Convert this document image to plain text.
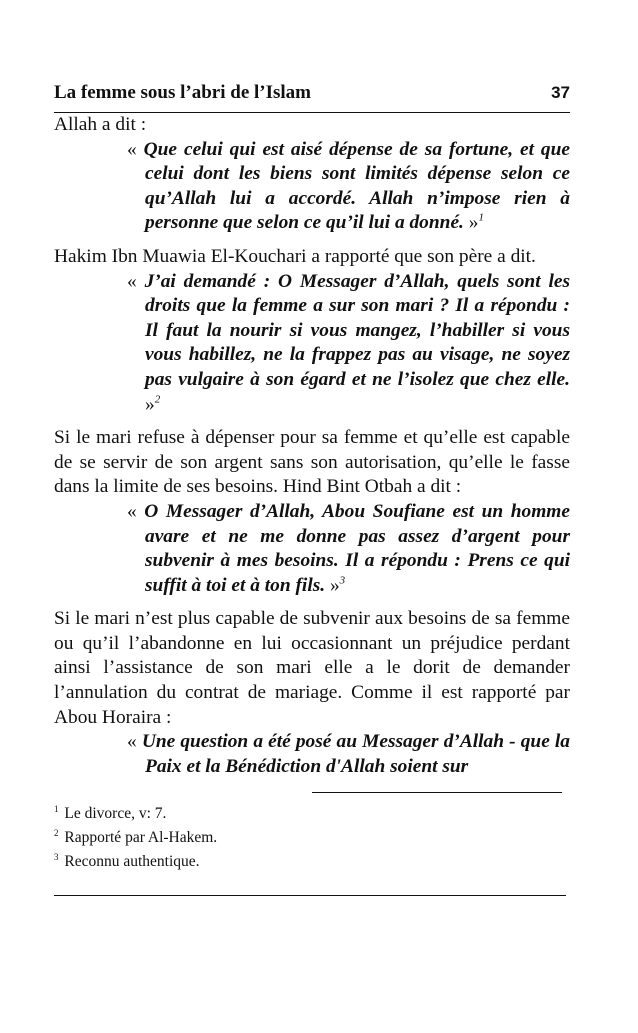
La femme sous l’abri de l’Islam	37

Allah a dit :

« Que celui qui est aisé dépense de sa fortune, et que celui dont les biens sont limités dépense selon ce qu’Allah lui a accordé. Allah n’impose rien à personne que selon ce qu’il lui a donné. »$^1$

Hakim Ibn Muawia El-Kouchari a rapporté que son père a dit.

« J’ai demandé : O Messager d’Allah, quels sont les droits que la femme a sur son mari ? Il a répondu : Il faut la nourir si vous mangez, l’habiller si vous vous habillez, ne la frappez pas au visage, ne soyez pas vulgaire à son égard et ne l’isolez que chez elle. »$^2$

Si le mari refuse à dépenser pour sa femme et qu’elle est capable de se servir de son argent sans son autorisation, qu’elle le fasse dans la limite de ses besoins. Hind Bint Otbah a dit :

« O Messager d’Allah, Abou Soufiane est un homme avare et ne me donne pas assez d’argent pour subvenir à mes besoins. Il a répondu : Prens ce qui suffit à toi et à ton fils. »$^3$

Si le mari n’est plus capable de subvenir aux besoins de sa femme ou qu’il l’abandonne en lui occasionnant un préjudice perdant ainsi l’assistance de son mari elle a le dorit de demander l’annulation du contrat de mariage. Comme il est rapporté par Abou Horaira :

« Une question a été posé au Messager d’Allah - que la Paix et la Bénédiction d'Allah soient sur

$^1$ Le divorce, v: 7.

$^2$ Rapporté par Al-Hakem.

$^3$ Reconnu authentique.
